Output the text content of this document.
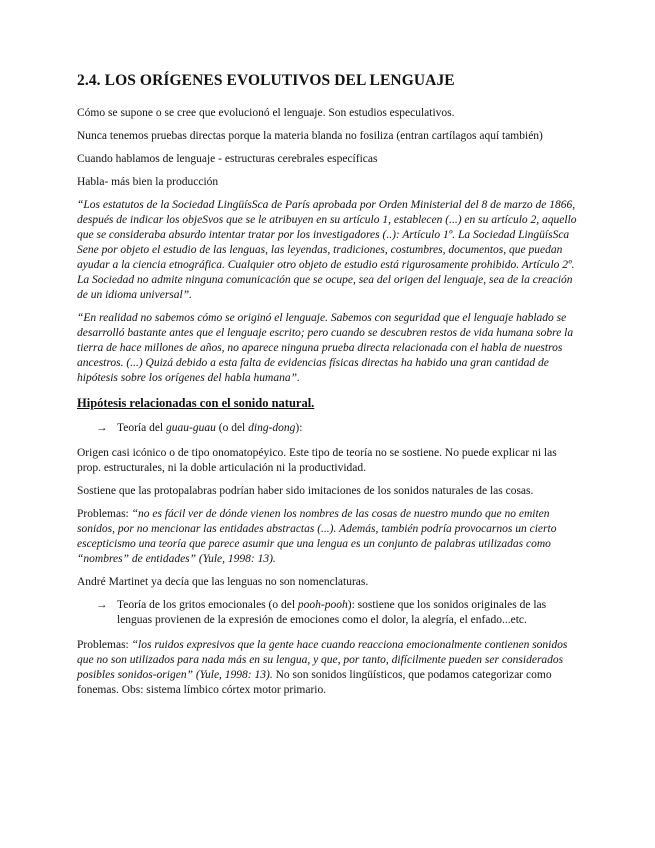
2.4. LOS ORÍGENES EVOLUTIVOS DEL LENGUAJE

Cómo se supone o se cree que evolucionó el lenguaje. Son estudios especulativos.

Nunca tenemos pruebas directas porque la materia blanda no fosiliza (entran cartílagos aquí también)

Cuando hablamos de lenguaje - estructuras cerebrales específicas

Habla- más bien la producción

“Los estatutos de la Sociedad LingüísSca de París aprobada por Orden Ministerial del 8 de marzo de 1866, después de indicar los objeSvos que se le atribuyen en su artículo 1, establecen (...) en su artículo 2, aquello que se consideraba absurdo intentar tratar por los investigadores (..): Artículo 1º. La Sociedad LingüísSca Sene por objeto el estudio de las lenguas, las leyendas, tradiciones, costumbres, documentos, que puedan ayudar a la ciencia etnográfica. Cualquier otro objeto de estudio está rigurosamente prohibido. Artículo 2º. La Sociedad no admite ninguna comunicación que se ocupe, sea del origen del lenguaje, sea de la creación de un idioma universal”.

“En realidad no sabemos cómo se originó el lenguaje. Sabemos con seguridad que el lenguaje hablado se desarrolló bastante antes que el lenguaje escrito; pero cuando se descubren restos de vida humana sobre la tierra de hace millones de años, no aparece ninguna prueba directa relacionada con el habla de nuestros ancestros. (...) Quizá debido a esta falta de evidencias físicas directas ha habido una gran cantidad de hipótesis sobre los orígenes del habla humana”.

Hipótesis relacionadas con el sonido natural.

→ Teoría del guau-guau (o del ding-dong):

Origen casi icónico o de tipo onomatopéyico. Este tipo de teoría no se sostiene. No puede explicar ni las prop. estructurales, ni la doble articulación ni la productividad.

Sostiene que las protopalabras podrían haber sido imitaciones de los sonidos naturales de las cosas.

Problemas: “no es fácil ver de dónde vienen los nombres de las cosas de nuestro mundo que no emiten sonidos, por no mencionar las entidades abstractas (...). Además, también podría provocarnos un cierto escepticismo una teoría que parece asumir que una lengua es un conjunto de palabras utilizadas como “nombres” de entidades” (Yule, 1998: 13).

André Martinet ya decía que las lenguas no son nomenclaturas.

→ Teoría de los gritos emocionales (o del pooh-pooh): sostiene que los sonidos originales de las lenguas provienen de la expresión de emociones como el dolor, la alegría, el enfado...etc.

Problemas: “los ruidos expresivos que la gente hace cuando reacciona emocionalmente contienen sonidos que no son utilizados para nada más en su lengua, y que, por tanto, difícilmente pueden ser considerados posibles sonidos-origen” (Yule, 1998: 13). No son sonidos lingüísticos, que podamos categorizar como fonemas. Obs: sistema límbico córtex motor primario.
